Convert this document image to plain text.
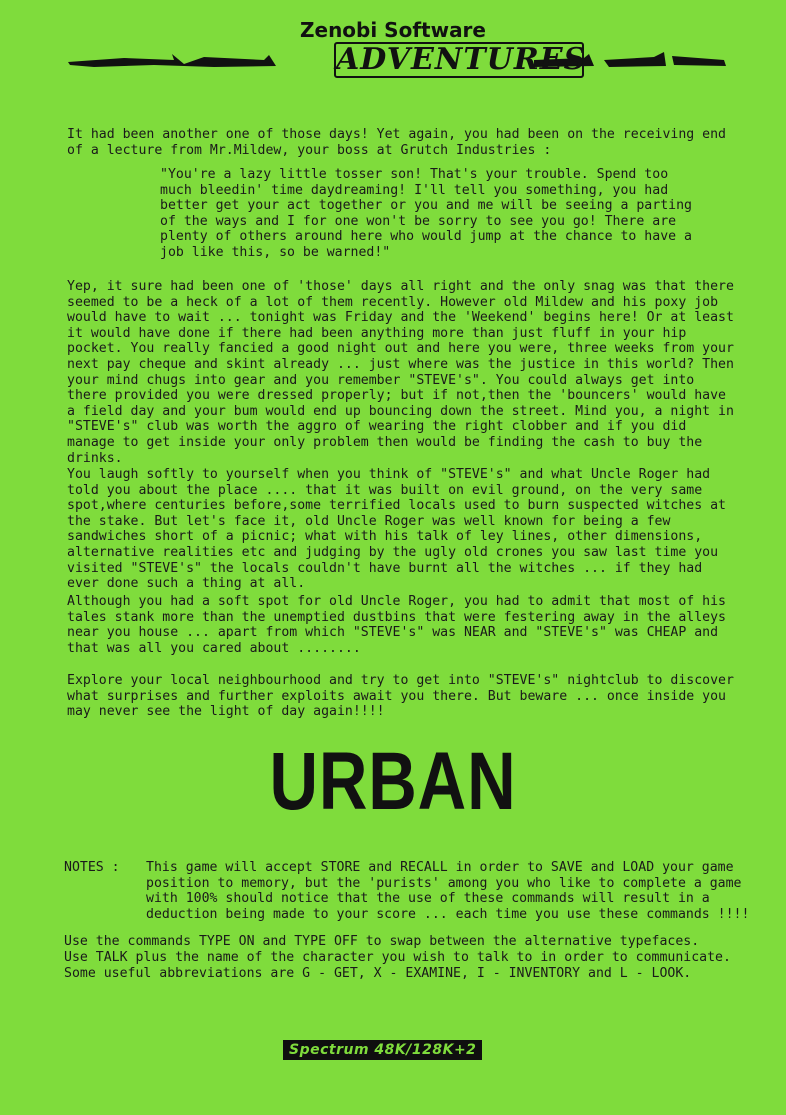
Zenobi Software
ADVENTURES

It had been another one of those days! Yet again, you had been on the receiving end of a lecture from Mr.Mildew, your boss at Grutch Industries :

"You're a lazy little tosser son! That's your trouble. Spend too much bleedin' time daydreaming! I'll tell you something, you had better get your act together or you and me will be seeing a parting of the ways and I for one won't be sorry to see you go! There are plenty of others around here who would jump at the chance to have a job like this, so be warned!"

Yep, it sure had been one of 'those' days all right and the only snag was that there seemed to be a heck of a lot of them recently. However old Mildew and his poxy job would have to wait ... tonight was Friday and the 'Weekend' begins here! Or at least it would have done if there had been anything more than just fluff in your hip pocket. You really fancied a good night out and here you were, three weeks from your next pay cheque and skint already ... just where was the justice in this world? Then your mind chugs into gear and you remember "STEVE's". You could always get into there provided you were dressed properly; but if not,then the 'bouncers' would have a field day and your bum would end up bouncing down the street. Mind you, a night in "STEVE's" club was worth the aggro of wearing the right clobber and if you did manage to get inside your only problem then would be finding the cash to buy the drinks.

You laugh softly to yourself when you think of "STEVE's" and what Uncle Roger had told you about the place .... that it was built on evil ground, on the very same spot,where centuries before,some terrified locals used to burn suspected witches at the stake. But let's face it, old Uncle Roger was well known for being a few sandwiches short of a picnic; what with his talk of ley lines, other dimensions, alternative realities etc and judging by the ugly old crones you saw last time you visited "STEVE's" the locals couldn't have burnt all the witches ... if they had ever done such a thing at all.

Although you had a soft spot for old Uncle Roger, you had to admit that most of his tales stank more than the unemptied dustbins that were festering away in the alleys near you house ... apart from which "STEVE's" was NEAR and "STEVE's" was CHEAP and that was all you cared about ........

Explore your local neighbourhood and try to get into "STEVE's" nightclub to discover what surprises and further exploits await you there. But beware ... once inside you may never see the light of day again!!!!

URBAN
NOTES : This game will accept STORE and RECALL in order to SAVE and LOAD your game position to memory, but the 'purists' among you who like to complete a game with 100% should notice that the use of these commands will result in a deduction being made to your score ... each time you use these commands !!!!

Use the commands TYPE ON and TYPE OFF to swap between the alternative typefaces.

Use TALK plus the name of the character you wish to talk to in order to communicate.

Some useful abbreviations are G - GET, X - EXAMINE, I - INVENTORY and L - LOOK.

Spectrum 48K/128K+2
